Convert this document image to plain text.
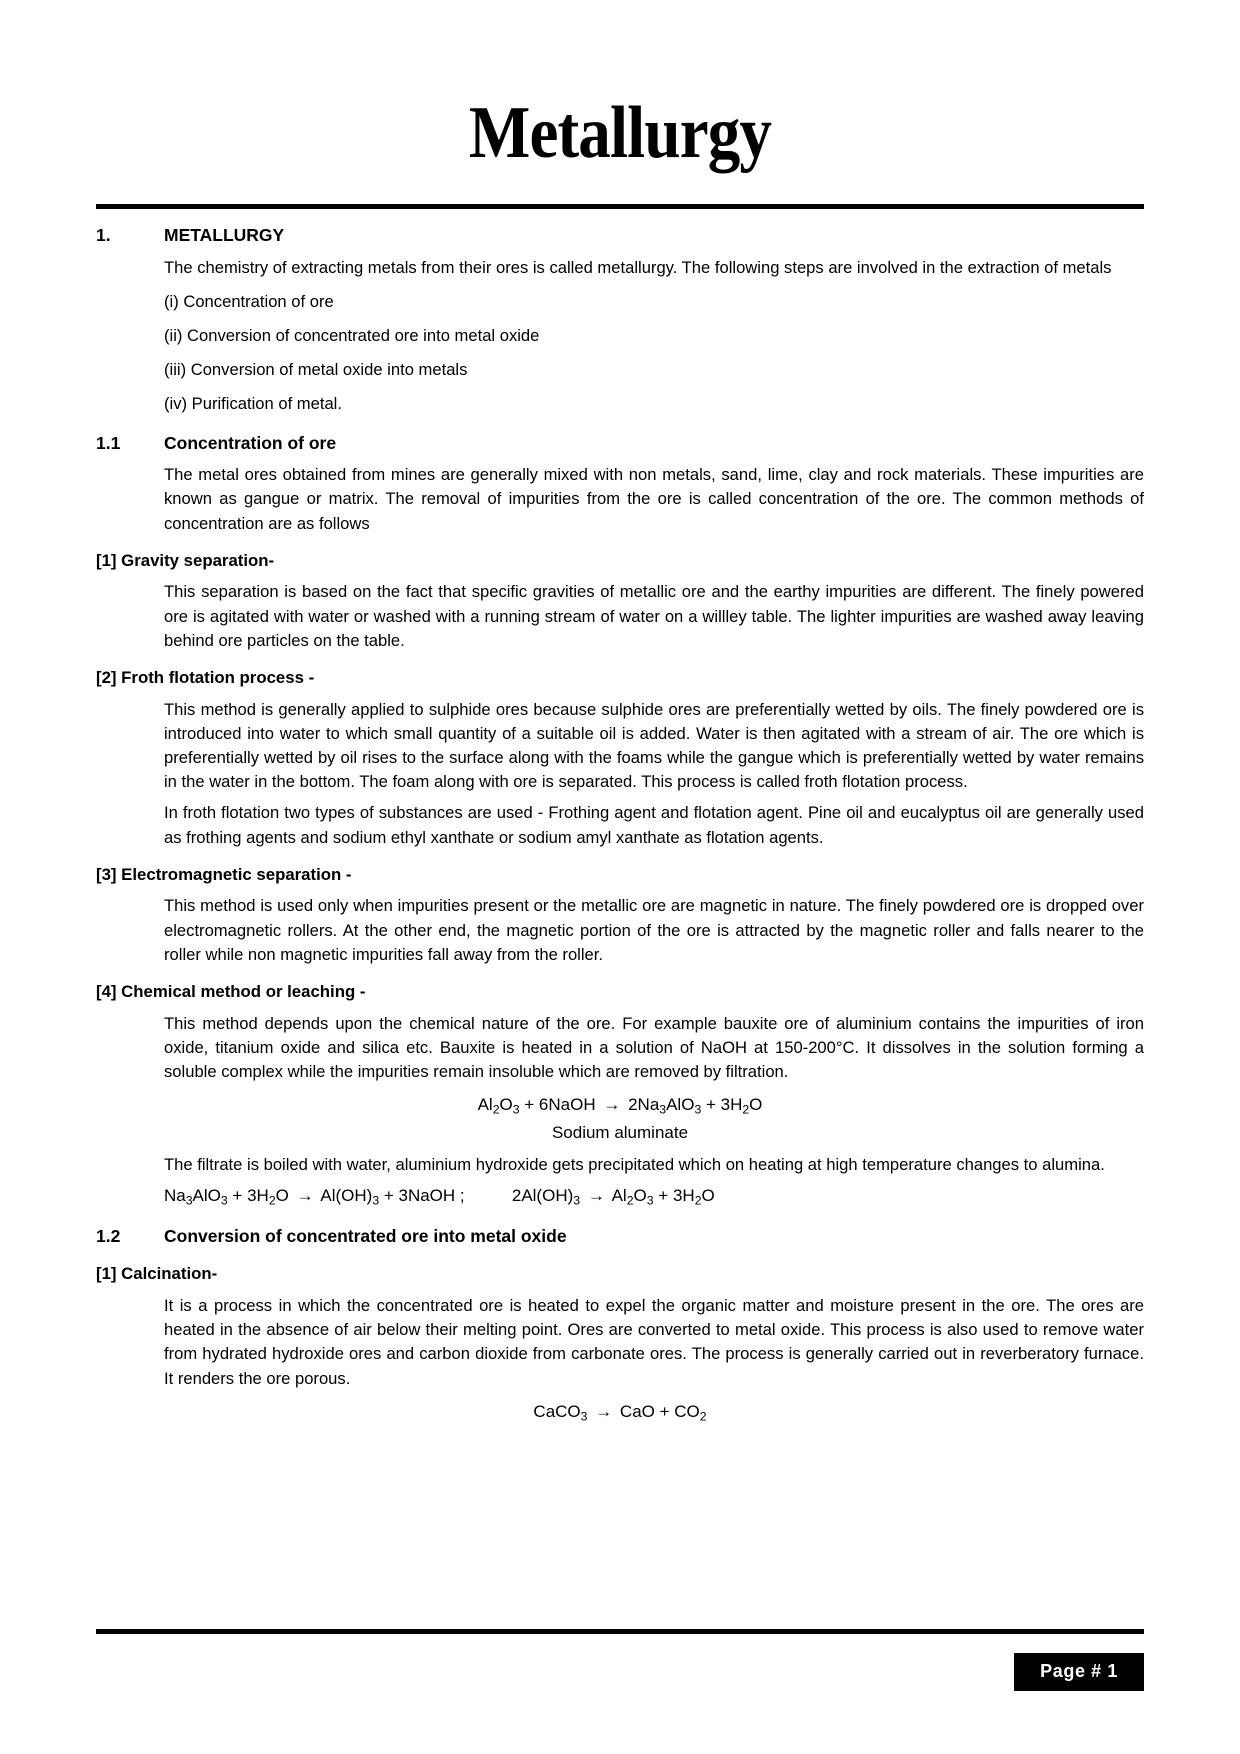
Metallurgy
1.	METALLURGY

The chemistry of extracting metals from their ores is called metallurgy. The following steps are involved in the extraction of metals

(i) Concentration of ore
(ii) Conversion of concentrated ore into metal oxide
(iii) Conversion of metal oxide into metals
(iv) Purification of metal.
1.1	Concentration of ore

The metal ores obtained from mines are generally mixed with non metals, sand, lime, clay and rock materials. These impurities are known as gangue or matrix. The removal of impurities from the ore is called concentration of the ore. The common methods of concentration are as follows

[1] Gravity separation-

This separation is based on the fact that specific gravities of metallic ore and the earthy impurities are different. The finely powered ore is agitated with water or washed with a running stream of water on a willley table. The lighter impurities are washed away leaving behind ore particles on the table.

[2] Froth flotation process -

This method is generally applied to sulphide ores because sulphide ores are preferentially wetted by oils. The finely powdered ore is introduced into water to which small quantity of a suitable oil is added. Water is then agitated with a stream of air. The ore which is preferentially wetted by oil rises to the surface along with the foams while the gangue which is preferentially wetted by water remains in the water in the bottom. The foam along with ore is separated. This process is called froth flotation process.

In froth flotation two types of substances are used - Frothing agent and flotation agent. Pine oil and eucalyptus oil are generally used as frothing agents and sodium ethyl xanthate or sodium amyl xanthate as flotation agents.

[3] Electromagnetic separation -

This method is used only when impurities present or the metallic ore are magnetic in nature. The finely powdered ore is dropped over electromagnetic rollers. At the other end, the magnetic portion of the ore is attracted by the magnetic roller and falls nearer to the roller while non magnetic impurities fall away from the roller.

[4] Chemical method or leaching -

This method depends upon the chemical nature of the ore. For example bauxite ore of aluminium contains the impurities of iron oxide, titanium oxide and silica etc. Bauxite is heated in a solution of NaOH at 150-200°C. It dissolves in the solution forming a soluble complex while the impurities remain insoluble which are removed by filtration.

$Al_2O_3$ + 6NaOH → $2Na_3AlO_3 + 3H_2O$
Sodium aluminate

The filtrate is boiled with water, aluminium hydroxide gets precipitated which on heating at high temperature changes to alumina.

$Na_3AlO_3 + 3H_2O \to Al(OH)_3$ + 3NaOH ;          $2Al(OH)_3 \to Al_2O_3 + 3H_2O$
1.2	Conversion of concentrated ore into metal oxide
[1] Calcination-

It is a process in which the concentrated ore is heated to expel the organic matter and moisture present in the ore. The ores are heated in the absence of air below their melting point. Ores are converted to metal oxide. This process is also used to remove water from hydrated hydroxide ores and carbon dioxide from carbonate ores. The process is generally carried out in reverberatory furnace. It renders the ore porous.

CaCO$_3$ → CaO + $CO_2$
Page # 1
